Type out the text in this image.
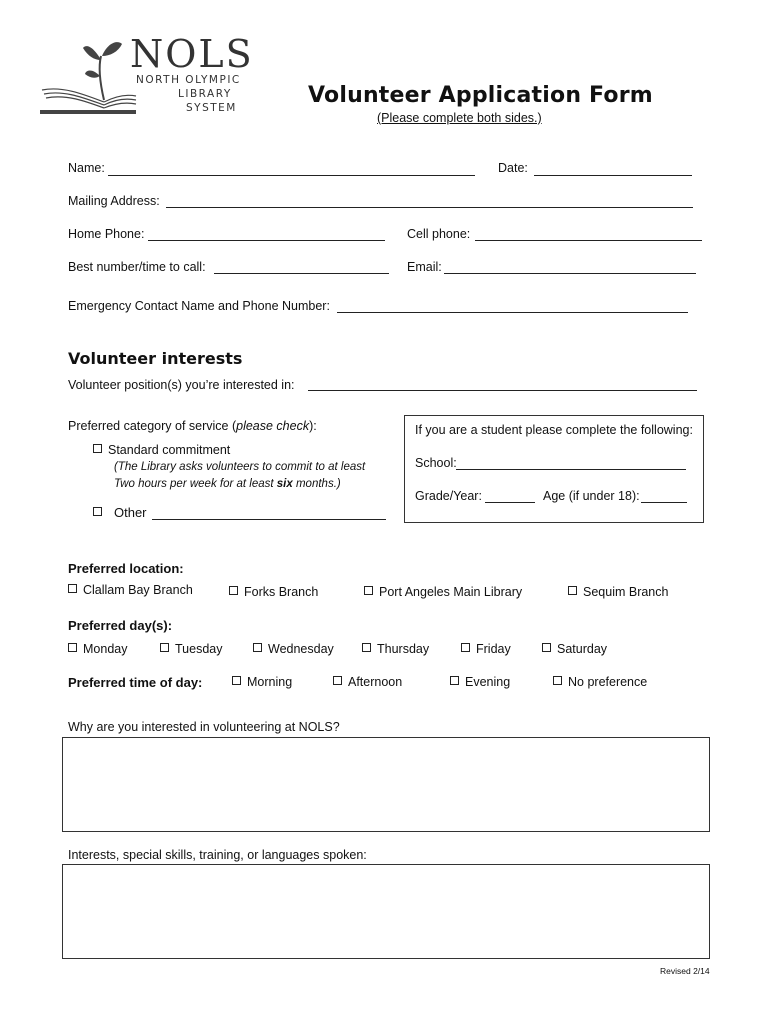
NOLS
NORTH OLYMPIC
LIBRARY
SYSTEM	Volunteer Application Form
(Please complete both sides.)
Name:	Date:
Mailing Address:
Home Phone:	Cell phone:
Best number/time to call:	Email:
Emergency Contact Name and Phone Number:
Volunteer interests
Volunteer position(s) you’re interested in:
Preferred category of service (please check):
Standard commitment
(The Library asks volunteers to commit to at least
Two hours per week for at least six months.)
Other
If you are a student please complete the following:
School:
Grade/Year:	Age (if under 18):
Preferred location:
Clallam Bay Branch	Forks Branch	Port Angeles Main Library	Sequim Branch
Preferred day(s):
Monday	Tuesday	Wednesday	Thursday	Friday	Saturday
Preferred time of day:	Morning	Afternoon	Evening	No preference
Why are you interested in volunteering at NOLS?
Interests, special skills, training, or languages spoken:
Revised 2/14
